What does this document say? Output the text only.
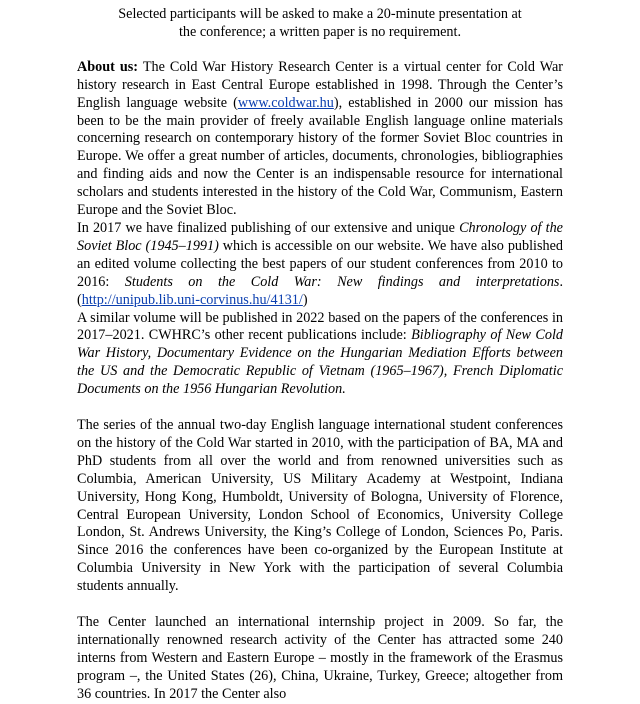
Selected participants will be asked to make a 20-minute presentation at
the conference; a written paper is no requirement.

About us: The Cold War History Research Center is a virtual center for Cold War history research in East Central Europe established in 1998. Through the Center’s English language website (www.coldwar.hu), established in 2000 our mission has been to be the main provider of freely available English language online materials concerning research on contemporary history of the former Soviet Bloc countries in Europe. We offer a great number of articles, documents, chronologies, bibliographies and finding aids and now the Center is an indispensable resource for international scholars and students interested in the history of the Cold War, Communism, Eastern Europe and the Soviet Bloc.

In 2017 we have finalized publishing of our extensive and unique Chronology of the Soviet Bloc (1945–1991) which is accessible on our website. We have also published an edited volume collecting the best papers of our student conferences from 2010 to 2016: Students on the Cold War: New findings and interpretations. (http://unipub.lib.uni-corvinus.hu/4131/)

A similar volume will be published in 2022 based on the papers of the conferences in 2017–2021. CWHRC’s other recent publications include: Bibliography of New Cold War History, Documentary Evidence on the Hungarian Mediation Efforts between the US and the Democratic Republic of Vietnam (1965–1967), French Diplomatic Documents on the 1956 Hungarian Revolution.

The series of the annual two-day English language international student conferences on the history of the Cold War started in 2010, with the participation of BA, MA and PhD students from all over the world and from renowned universities such as Columbia, American University, US Military Academy at Westpoint, Indiana University, Hong Kong, Humboldt, University of Bologna, University of Florence, Central European University, London School of Economics, University College London, St. Andrews University, the King’s College of London, Sciences Po, Paris. Since 2016 the conferences have been co-organized by the European Institute at Columbia University in New York with the participation of several Columbia students annually.

The Center launched an international internship project in 2009. So far, the internationally renowned research activity of the Center has attracted some 240 interns from Western and Eastern Europe – mostly in the framework of the Erasmus program –, the United States (26), China, Ukraine, Turkey, Greece; altogether from 36 countries. In 2017 the Center also
